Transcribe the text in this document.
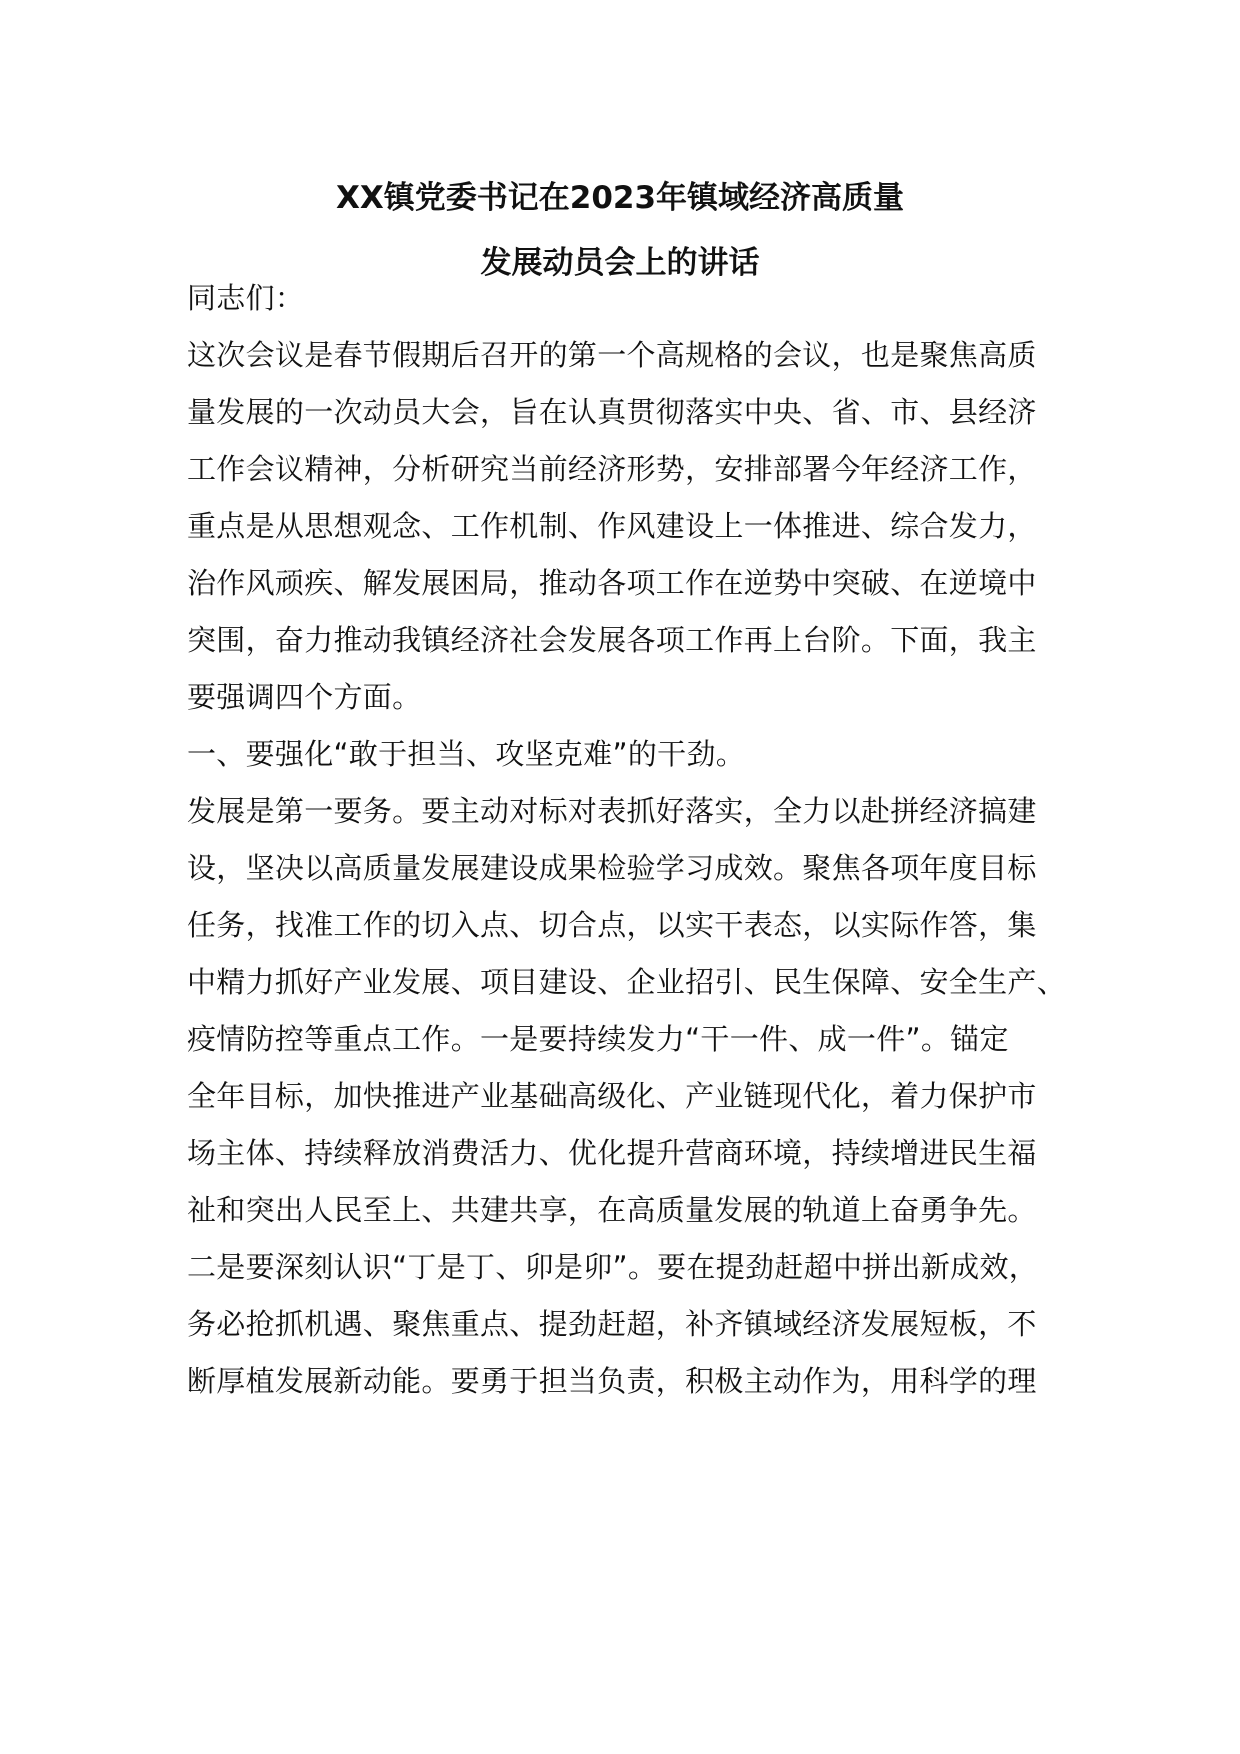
XX镇党委书记在2023年镇域经济高质量
发展动员会上的讲话
同志们：
这次会议是春节假期后召开的第一个高规格的会议，也是聚焦高质
量发展的一次动员大会，旨在认真贯彻落实中央、省、市、县经济
工作会议精神，分析研究当前经济形势，安排部署今年经济工作，
重点是从思想观念、工作机制、作风建设上一体推进、综合发力，
治作风顽疾、解发展困局，推动各项工作在逆势中突破、在逆境中
突围，奋力推动我镇经济社会发展各项工作再上台阶。下面，我主
要强调四个方面。
一、要强化“敢于担当、攻坚克难”的干劲。
发展是第一要务。要主动对标对表抓好落实，全力以赴拼经济搞建
设，坚决以高质量发展建设成果检验学习成效。聚焦各项年度目标
任务，找准工作的切入点、切合点，以实干表态，以实际作答，集
中精力抓好产业发展、项目建设、企业招引、民生保障、安全生产、
疫情防控等重点工作。一是要持续发力“干一件、成一件”。锚定
全年目标，加快推进产业基础高级化、产业链现代化，着力保护市
场主体、持续释放消费活力、优化提升营商环境，持续增进民生福
祉和突出人民至上、共建共享，在高质量发展的轨道上奋勇争先。
二是要深刻认识“丁是丁、卯是卯”。要在提劲赶超中拼出新成效，
务必抢抓机遇、聚焦重点、提劲赶超，补齐镇域经济发展短板，不
断厚植发展新动能。要勇于担当负责，积极主动作为，用科学的理
